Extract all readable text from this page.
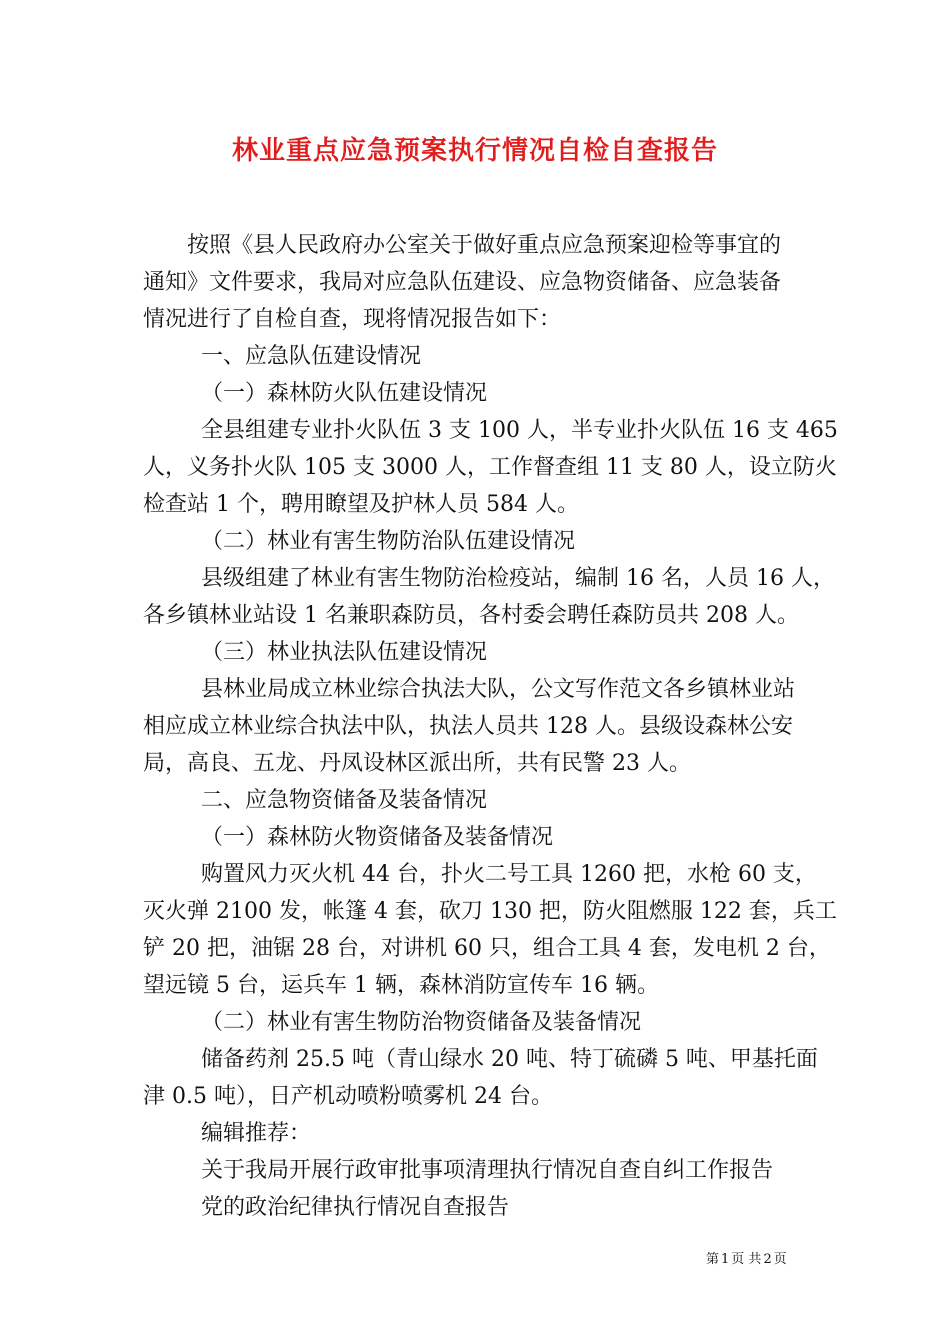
林业重点应急预案执行情况自检自查报告
按照《县人民政府办公室关于做好重点应急预案迎检等事宜的
通知》文件要求，我局对应急队伍建设、应急物资储备、应急装备
情况进行了自检自查，现将情况报告如下：
一、应急队伍建设情况
（一）森林防火队伍建设情况
全县组建专业扑火队伍 3 支 100 人，半专业扑火队伍 16 支 465
人，义务扑火队 105 支 3000 人，工作督查组 11 支 80 人，设立防火
检查站 1 个，聘用瞭望及护林人员 584 人。
（二）林业有害生物防治队伍建设情况
县级组建了林业有害生物防治检疫站，编制 16 名，人员 16 人，
各乡镇林业站设 1 名兼职森防员，各村委会聘任森防员共 208 人。
（三）林业执法队伍建设情况
县林业局成立林业综合执法大队，公文写作范文各乡镇林业站
相应成立林业综合执法中队，执法人员共 128 人。县级设森林公安
局，高良、五龙、丹凤设林区派出所，共有民警 23 人。
二、应急物资储备及装备情况
（一）森林防火物资储备及装备情况
购置风力灭火机 44 台，扑火二号工具 1260 把，水枪 60 支，
灭火弹 2100 发，帐篷 4 套，砍刀 130 把，防火阻燃服 122 套，兵工
铲 20 把，油锯 28 台，对讲机 60 只，组合工具 4 套，发电机 2 台，
望远镜 5 台，运兵车 1 辆，森林消防宣传车 16 辆。
（二）林业有害生物防治物资储备及装备情况
储备药剂 25.5 吨（青山绿水 20 吨、特丁硫磷 5 吨、甲基托面
津 0.5 吨），日产机动喷粉喷雾机 24 台。
编辑推荐：
关于我局开展行政审批事项清理执行情况自查自纠工作报告
党的政治纪律执行情况自查报告
第 1 页 共 2 页
